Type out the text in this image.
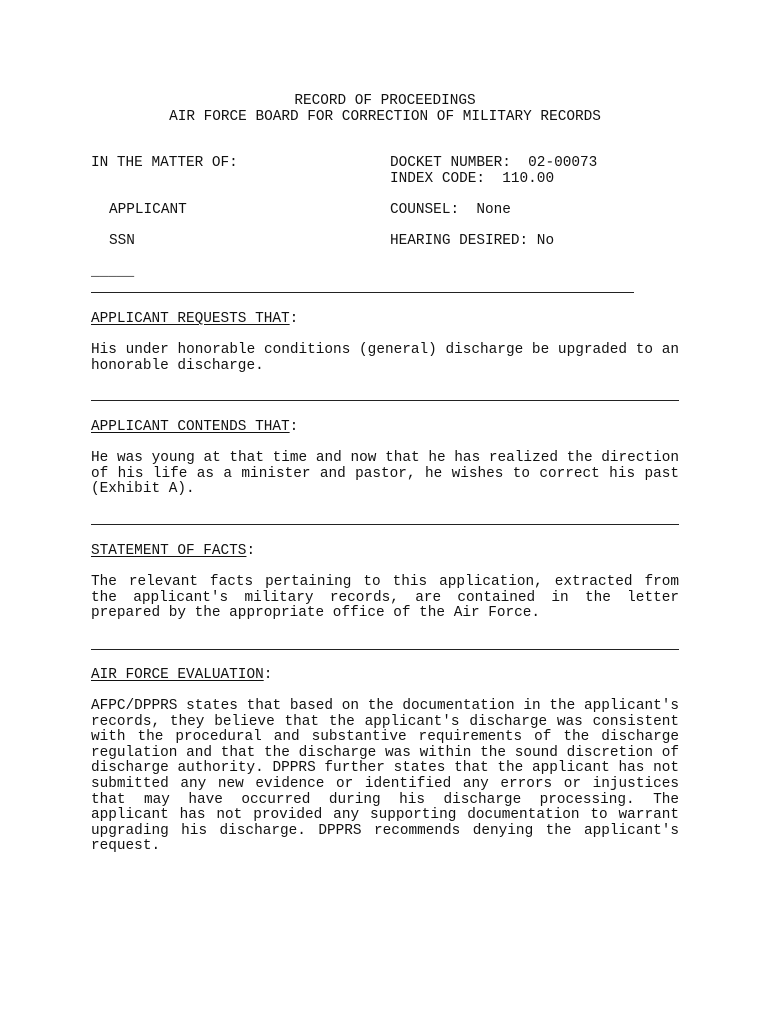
RECORD OF PROCEEDINGS
AIR FORCE BOARD FOR CORRECTION OF MILITARY RECORDS
IN THE MATTER OF:	DOCKET NUMBER:  02-00073
INDEX CODE:  110.00
APPLICANT	COUNSEL:  None
SSN	HEARING DESIRED: No
_____
APPLICANT REQUESTS THAT:
His under honorable conditions (general) discharge be upgraded to an honorable discharge.
APPLICANT CONTENDS THAT:
He was young at that time and now that he has realized the direction of his life as a minister and pastor, he wishes to correct his past (Exhibit A).
STATEMENT OF FACTS:
The relevant facts pertaining to this application, extracted from the applicant's military records, are contained in the letter prepared by the appropriate office of the Air Force.
AIR FORCE EVALUATION:
AFPC/DPPRS states that based on the documentation in the applicant's records, they believe that the applicant's discharge was consistent with the procedural and substantive requirements of the discharge regulation and that the discharge was within the sound discretion of discharge authority. DPPRS further states that the applicant has not submitted any new evidence or identified any errors or injustices that may have occurred during his discharge processing. The applicant has not provided any supporting documentation to warrant upgrading his discharge. DPPRS recommends denying the applicant's request.
